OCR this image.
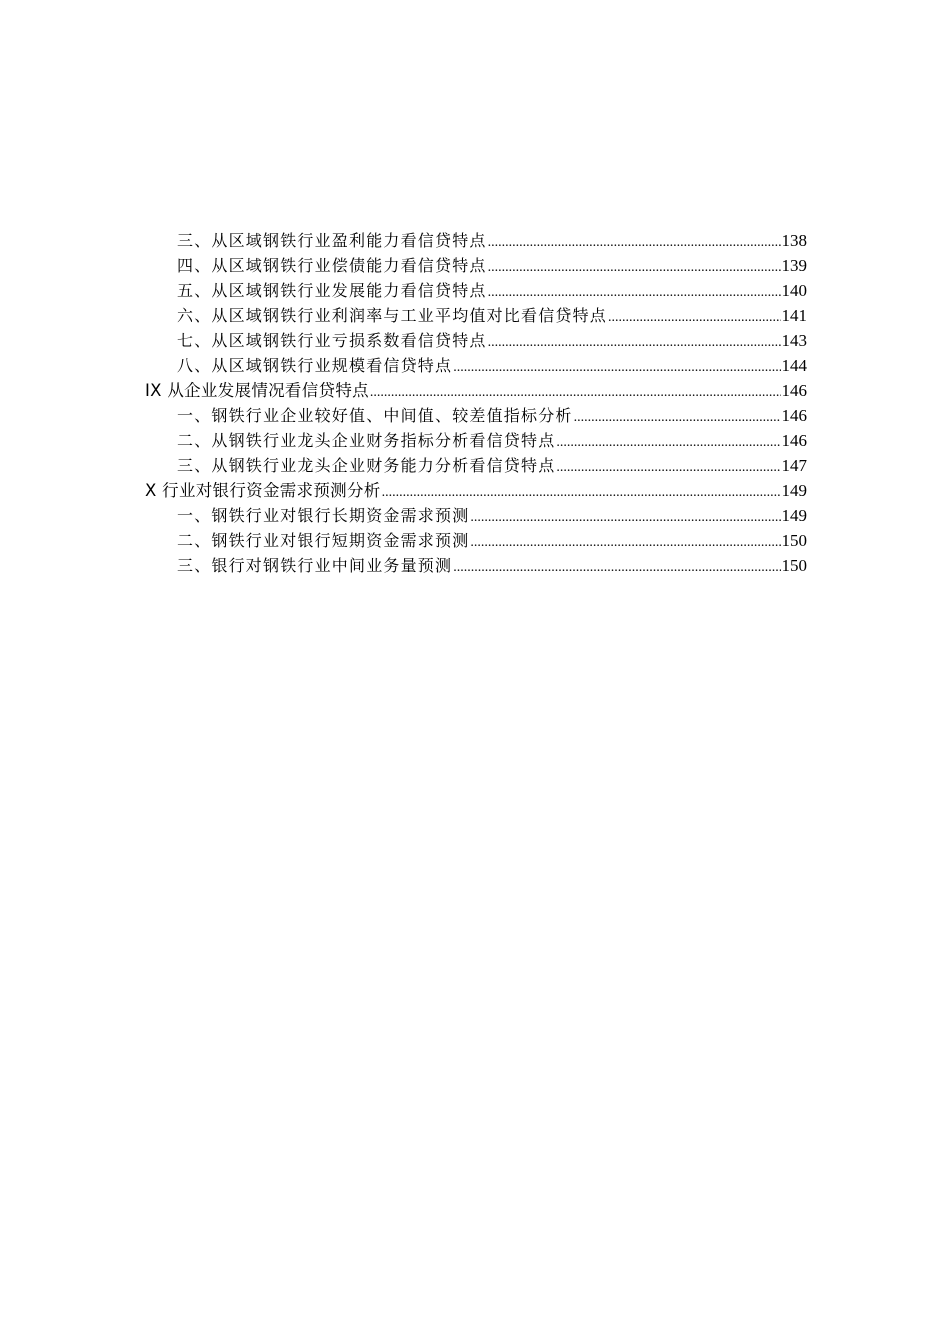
三、从区域钢铁行业盈利能力看信贷特点 .....	138
四、从区域钢铁行业偿债能力看信贷特点 .....	139
五、从区域钢铁行业发展能力看信贷特点 .....	140
六、从区域钢铁行业利润率与工业平均值对比看信贷特点 .....	141
七、从区域钢铁行业亏损系数看信贷特点 .....	143
八、从区域钢铁行业规模看信贷特点 .....	144
IX 从企业发展情况看信贷特点 .....	146
一、钢铁行业企业较好值、中间值、较差值指标分析 .....	146
二、从钢铁行业龙头企业财务指标分析看信贷特点 .....	146
三、从钢铁行业龙头企业财务能力分析看信贷特点 .....	147
X 行业对银行资金需求预测分析 .....	149
一、钢铁行业对银行长期资金需求预测 .....	149
二、钢铁行业对银行短期资金需求预测 .....	150
三、银行对钢铁行业中间业务量预测 .....	150
